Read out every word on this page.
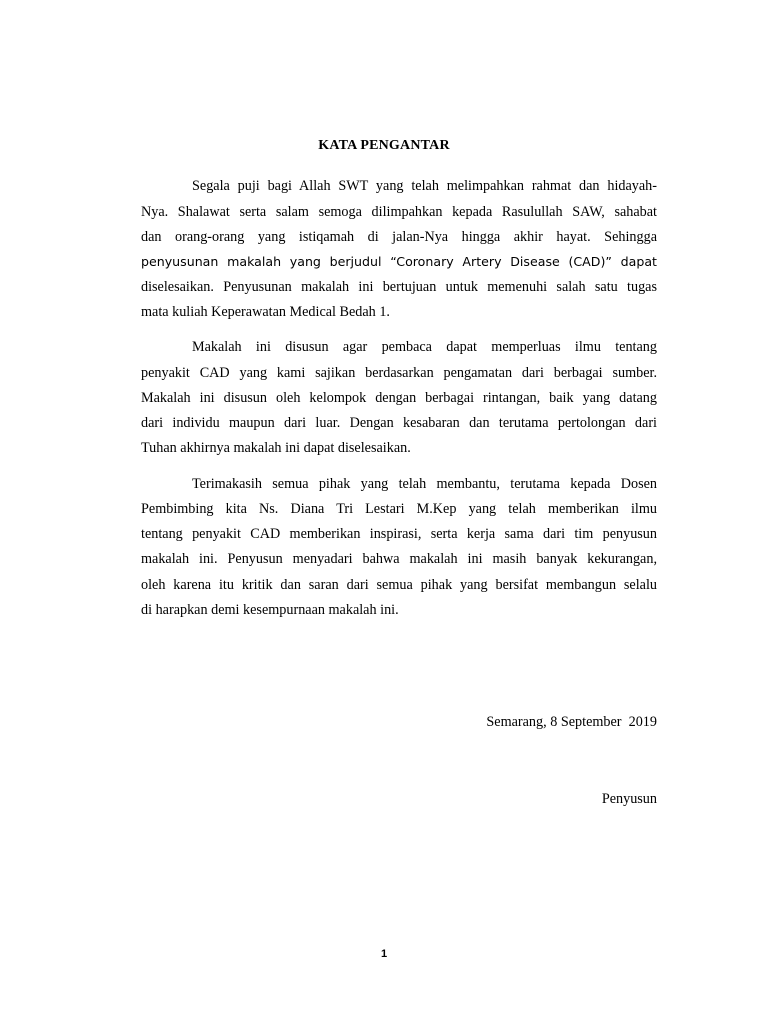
KATA PENGANTAR

Segala puji bagi Allah SWT yang telah melimpahkan rahmat dan hidayah-

Nya. Shalawat serta salam semoga dilimpahkan kepada Rasulullah SAW, sahabat

dan orang-orang yang istiqamah di jalan-Nya hingga akhir hayat. Sehingga

penyusunan makalah yang berjudul “Coronary Artery Disease (CAD)” dapat

diselesaikan. Penyusunan makalah ini bertujuan untuk memenuhi salah satu tugas

mata kuliah Keperawatan Medical Bedah 1.

Makalah ini disusun agar pembaca dapat memperluas ilmu tentang

penyakit CAD yang kami sajikan berdasarkan pengamatan dari berbagai sumber.

Makalah ini disusun oleh kelompok dengan berbagai rintangan, baik yang datang

dari individu maupun dari luar. Dengan kesabaran dan terutama pertolongan dari

Tuhan akhirnya makalah ini dapat diselesaikan.

Terimakasih semua pihak yang telah membantu, terutama kepada Dosen

Pembimbing kita Ns. Diana Tri Lestari M.Kep yang telah memberikan ilmu

tentang penyakit CAD memberikan inspirasi, serta kerja sama dari tim penyusun

makalah ini. Penyusun menyadari bahwa makalah ini masih banyak kekurangan,

oleh karena itu kritik dan saran dari semua pihak yang bersifat membangun selalu

di harapkan demi kesempurnaan makalah ini.

Semarang, 8 September  2019

Penyusun

1
